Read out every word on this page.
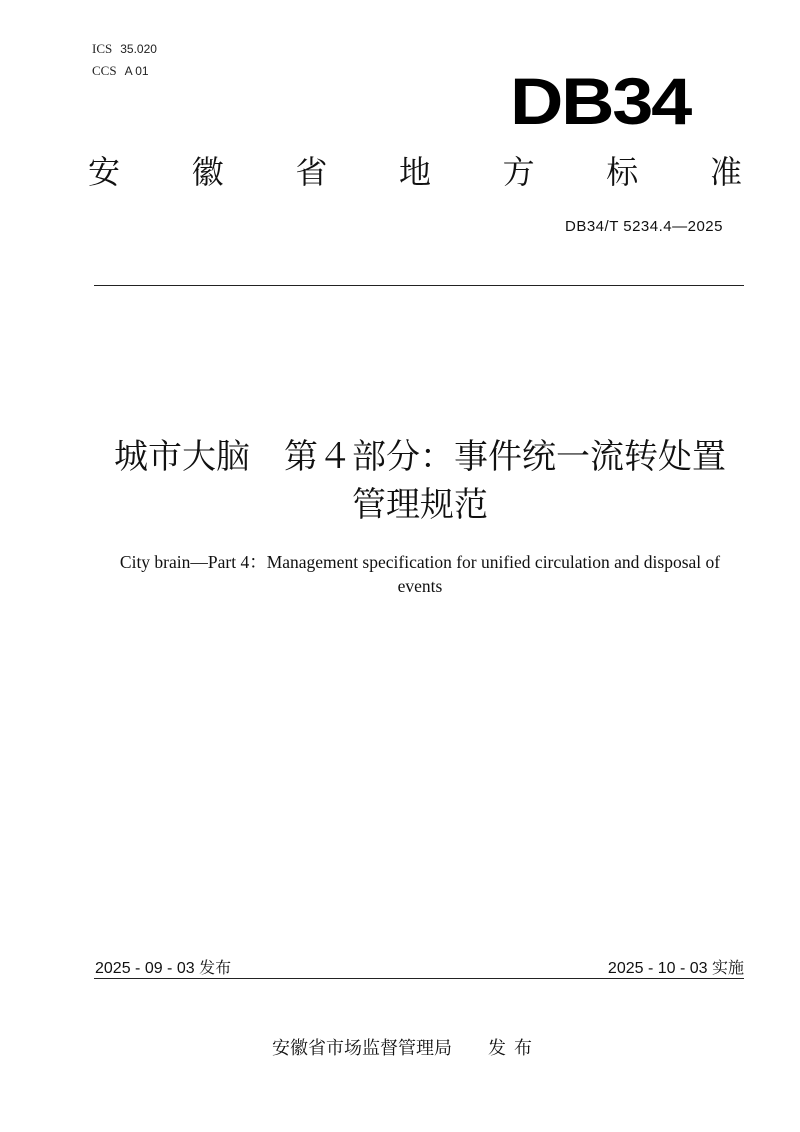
ICS 35.020
CCS A 01	DB34
安 徽 省 地 方 标 准
DB34/T 5234.4—2025
城市大脑　第４部分：事件统一流转处置
管理规范
City brain—Part 4：Management specification for unified circulation and disposal of
events
2025 - 09 - 03 发布	2025 - 10 - 03 实施
安徽省市场监督管理局 发布
